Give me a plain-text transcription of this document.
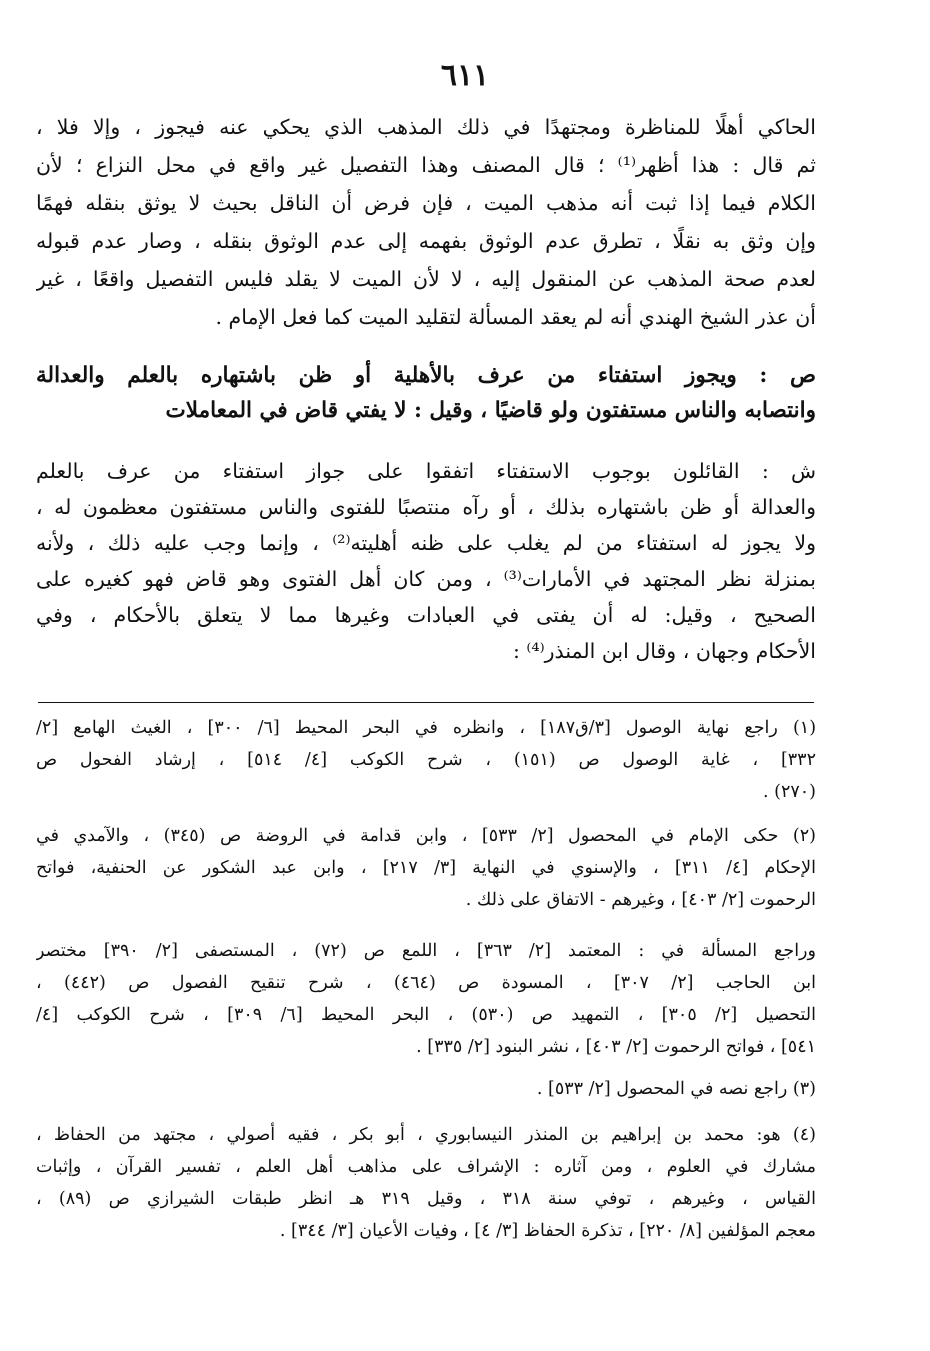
٦١١
الحاكي أهلًا للمناظرة ومجتهدًا في ذلك المذهب الذي يحكي عنه فيجوز ، وإلا فلا ،
ثم قال : هذا أظهر⁽¹⁾ ؛ قال المصنف وهذا التفصيل غير واقع في محل النزاع ؛ لأن
الكلام فيما إذا ثبت أنه مذهب الميت ، فإن فرض أن الناقل بحيث لا يوثق بنقله فهمًا
وإن وثق به نقلًا ، تطرق عدم الوثوق بفهمه إلى عدم الوثوق بنقله ، وصار عدم قبوله
لعدم صحة المذهب عن المنقول إليه ، لا لأن الميت لا يقلد فليس التفصيل واقعًا ، غير
أن عذر الشيخ الهندي أنه لم يعقد المسألة لتقليد الميت كما فعل الإمام .
ص : ويجوز استفتاء من عرف بالأهلية أو ظن باشتهاره بالعلم والعدالة
وانتصابه والناس مستفتون ولو قاضيًا ، وقيل : لا يفتي قاض في المعاملات
ش : القائلون بوجوب الاستفتاء اتفقوا على جواز استفتاء من عرف بالعلم
والعدالة أو ظن باشتهاره بذلك ، أو رآه منتصبًا للفتوى والناس مستفتون معظمون له ،
ولا يجوز له استفتاء من لم يغلب على ظنه أهليته⁽²⁾ ، وإنما وجب عليه ذلك ، ولأنه
بمنزلة نظر المجتهد في الأمارات⁽³⁾ ، ومن كان أهل الفتوى وهو قاض فهو كغيره على
الصحيح ، وقيل: له أن يفتى في العبادات وغيرها مما لا يتعلق بالأحكام ، وفي
الأحكام وجهان ، وقال ابن المنذر⁽⁴⁾ :
(١) راجع نهاية الوصول [٣/ق١٨٧] ، وانظره في البحر المحيط [٦/ ٣٠٠] ، الغيث الهامع [٢/
٣٣٢] ، غاية الوصول ص (١٥١) ، شرح الكوكب [٤/ ٥١٤] ، إرشاد الفحول ص
(٢٧٠) .
(٢) حكى الإمام في المحصول [٢/ ٥٣٣] ، وابن قدامة في الروضة ص (٣٤٥) ، والآمدي في
الإحكام [٤/ ٣١١] ، والإسنوي في النهاية [٣/ ٢١٧] ، وابن عبد الشكور عن الحنفية، فواتح
الرحموت [٢/ ٤٠٣] ، وغيرهم - الاتفاق على ذلك .
وراجع المسألة في : المعتمد [٢/ ٣٦٣] ، اللمع ص (٧٢) ، المستصفى [٢/ ٣٩٠] مختصر
ابن الحاجب [٢/ ٣٠٧] ، المسودة ص (٤٦٤) ، شرح تنقيح الفصول ص (٤٤٢) ،
التحصيل [٢/ ٣٠٥] ، التمهيد ص (٥٣٠) ، البحر المحيط [٦/ ٣٠٩] ، شرح الكوكب [٤/
٥٤١] ، فواتح الرحموت [٢/ ٤٠٣] ، نشر البنود [٢/ ٣٣٥] .
(٣) راجع نصه في المحصول [٢/ ٥٣٣] .
(٤) هو: محمد بن إبراهيم بن المنذر النيسابوري ، أبو بكر ، فقيه أصولي ، مجتهد من الحفاظ ،
مشارك في العلوم ، ومن آثاره : الإشراف على مذاهب أهل العلم ، تفسير القرآن ، وإثبات
القياس ، وغيرهم ، توفي سنة ٣١٨ ، وقيل ٣١٩ هـ انظر طبقات الشيرازي ص (٨٩) ،
معجم المؤلفين [٨/ ٢٢٠] ، تذكرة الحفاظ [٣/ ٤] ، وفيات الأعيان [٣/ ٣٤٤] .
